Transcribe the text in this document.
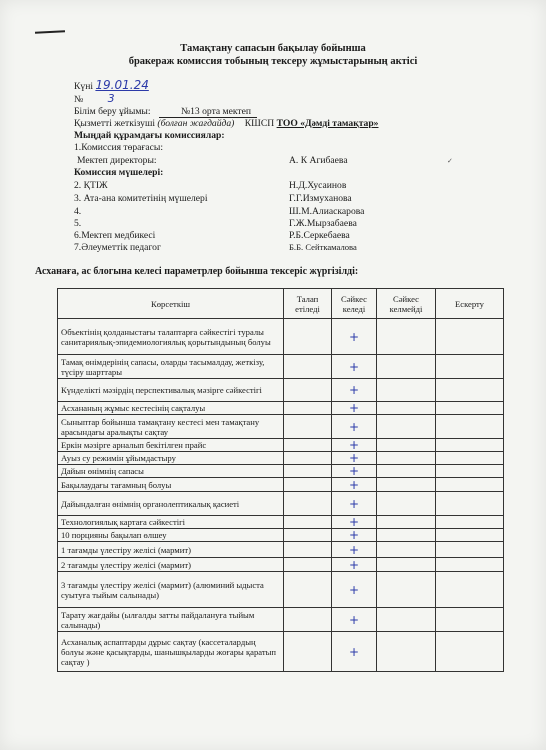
Тамақтану сапасын бақылау бойынша
бракераж комиссия тобының тексеру жұмыстарының актісі
Күні 19.01.24
№ 3
Білім беру ұйымы:	№13 орта мектеп
Қызметті жеткізуші (болған жағдайда) КШСП ТОО «Дәмді тамақтар»
Мыңдай құрамдағы комиссиялар:
1.Комиссия төрағасы:
Мектеп директоры:	А. К Агибаева	✓
Комиссия мүшелері:
2. ҚТІЖ	Н.Д.Хусаинов
3. Ата-ана комитетінің мүшелері	Г.Г.Измуханова
4.	Ш.М.Алиаскарова
5.	Г.Ж.Мырзабаева
6.Мектеп медбикесі	Р.Б.Серкебаева
7.Әлеуметтік педагог	Б.Б. Сейткамалова
Асханаға, ас блогына келесі параметрлер бойынша тексеріс жүргізілді:
Көрсеткіш	Талап етіледі	Сәйкес келеді	Сәйкес келмейді	Ескерту
Объектінің қолданыстағы талаптарға сәйкестігі туралы санитариялық-эпидемиологиялық қорытындының болуы		+		
Тамақ өнімдерінің сапасы, оларды тасымалдау, жеткізу, түсіру шарттары		+		
Күнделікті мәзірдің перспективалық мәзірге сәйкестігі		+		
Асхананың жұмыс кестесінің сақталуы		+		
Сыныптар бойынша тамақтану кестесі мен тамақтану арасындағы аралықты сақтау		+		
Еркін мәзірге арналып бекітілген прайс		+		
Ауыз су режимін ұйымдастыру		+		
Дайын өнімнің сапасы		+		
Бақылаудағы тағамның болуы		+		
Дайындалған өнімнің органолептикалық қасиеті		+		
Технологиялық картаға сәйкестігі		+		
10 порцияны бақылап өлшеу		+		
1 тағамды үлестіру желісі (мармит)		+		
2 тағамды үлестіру желісі (мармит)		+		
3 тағамды үлестіру желісі (мармит) (алюминий ыдыста суытуға тыйым салынады)		+		
Тарату жағдайы (ылғалды затты пайдалануға тыйым салынады)		+		
Асханалық аспаптарды дұрыс сақтау (кассеталардың болуы және қасықтарды, шанышқыларды жоғары қаратып сақтау )		+		
